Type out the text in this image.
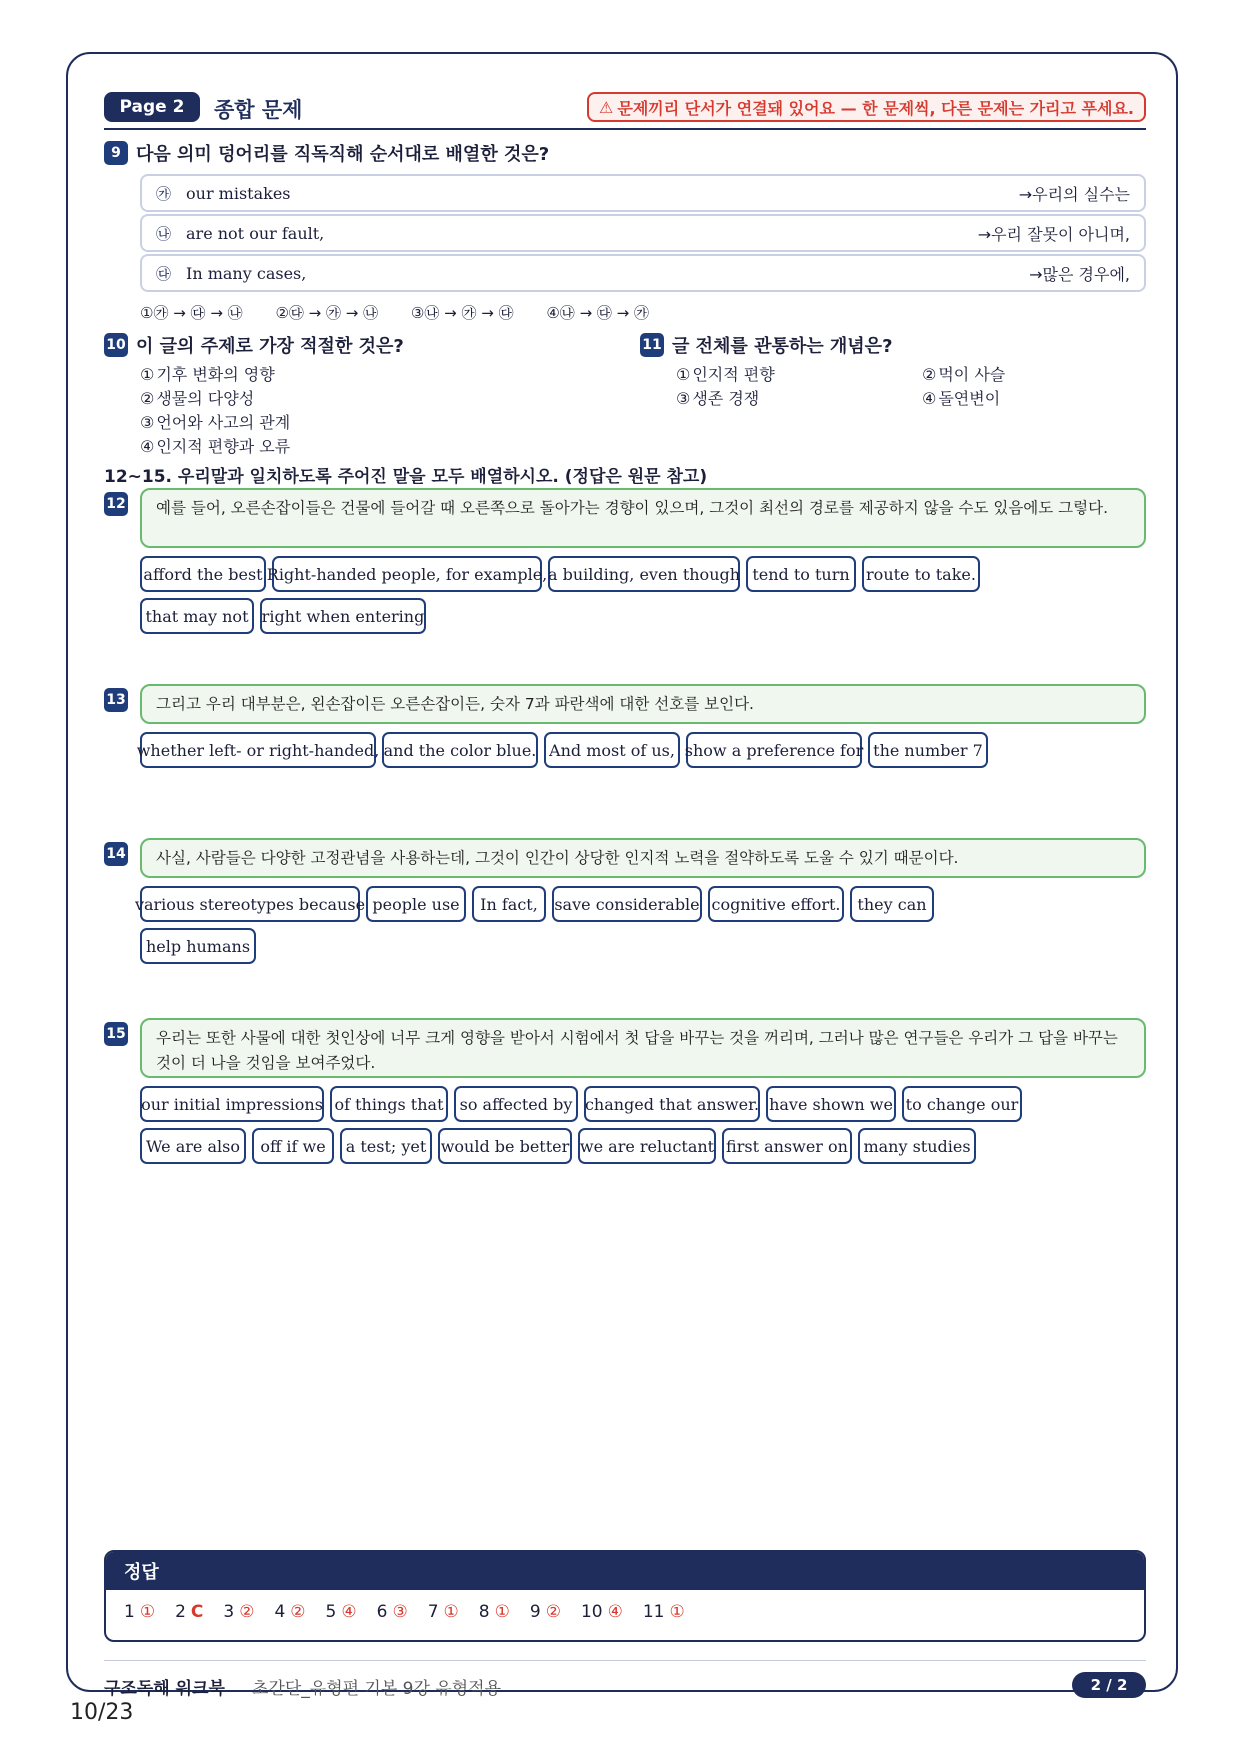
Page 2	종합 문제	⚠ 문제끼리 단서가 연결돼 있어요 — 한 문제씩, 다른 문제는 가리고 푸세요.
9 다음 의미 덩어리를 직독직해 순서대로 배열한 것은?
㉮ our mistakes	→우리의 실수는
㉯ are not our fault,	→우리 잘못이 아니며,
㉰ In many cases,	→많은 경우에,
①㉮ → ㉰ → ㉯ ②㉰ → ㉮ → ㉯ ③㉯ → ㉮ → ㉰ ④㉯ → ㉰ → ㉮
10 이 글의 주제로 가장 적절한 것은?
① 기후 변화의 영향
② 생물의 다양성
③ 언어와 사고의 관계
④ 인지적 편향과 오류
11 글 전체를 관통하는 개념은?
① 인지적 편향	② 먹이 사슬
③ 생존 경쟁	④ 돌연변이
12~15. 우리말과 일치하도록 주어진 말을 모두 배열하시오. (정답은 원문 참고)
12	예를 들어, 오른손잡이들은 건물에 들어갈 때 오른쪽으로 돌아가는 경향이 있으며, 그것이 최선의 경로를 제공하지 않을 수도 있음에도 그렇다.
afford the best Right-handed people, for example, a building, even though tend to turn	route to take.
that may not right when entering
13	그리고 우리 대부분은, 왼손잡이든 오른손잡이든, 숫자 7과 파란색에 대한 선호를 보인다.
whether left- or right-handed, and the color blue. And most of us, show a preference for the number 7
14	사실, 사람들은 다양한 고정관념을 사용하는데, 그것이 인간이 상당한 인지적 노력을 절약하도록 도울 수 있기 때문이다.
various stereotypes because people use	In fact,	save considerable cognitive effort.	they can
help humans
15	우리는 또한 사물에 대한 첫인상에 너무 크게 영향을 받아서 시험에서 첫 답을 바꾸는 것을 꺼리며, 그러나 많은 연구들은 우리가 그 답을 바꾸는 것이 더 나을 것임을 보여주었다.
our initial impressions of things that	so affected by changed that answer. have shown we to change our
We are also	off if we	a test; yet would be better we are reluctant first answer on many studies
정답
1 ① 2 C 3 ② 4 ② 5 ④ 6 ③ 7 ① 8 ① 9 ② 10 ④ 11 ①
구조독해 워크북 초간단_유형편 기본 9강 유형적용	2 / 2
10/23
